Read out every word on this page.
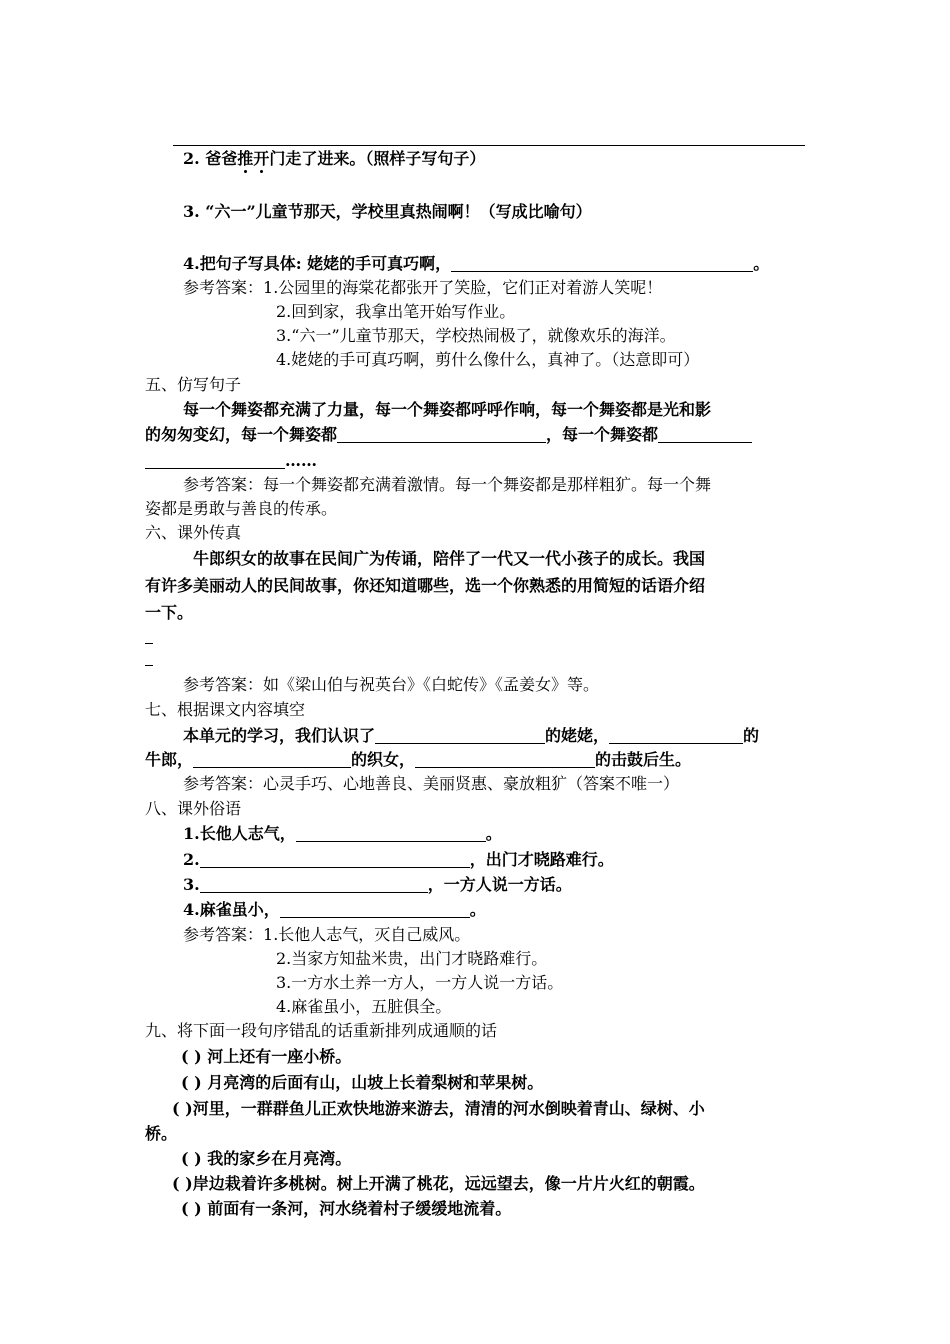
2. 爸爸推开门走了进来。（照样子写句子）
3. “六一”儿童节那天，学校里真热闹啊！（写成比喻句）
4.把句子写具体: 姥姥的手可真巧啊，	。
参考答案：1.公园里的海棠花都张开了笑脸，它们正对着游人笑呢！
2.回到家，我拿出笔开始写作业。
3.“六一”儿童节那天，学校热闹极了，就像欢乐的海洋。
4.姥姥的手可真巧啊，剪什么像什么，真神了。（达意即可）
五、仿写句子
每一个舞姿都充满了力量，每一个舞姿都呼呼作响，每一个舞姿都是光和影
的匆匆变幻，每一个舞姿都	，每一个舞姿都
……
参考答案：每一个舞姿都充满着激情。每一个舞姿都是那样粗犷。每一个舞
姿都是勇敢与善良的传承。
六、课外传真
牛郎织女的故事在民间广为传诵，陪伴了一代又一代小孩子的成长。我国
有许多美丽动人的民间故事，你还知道哪些，选一个你熟悉的用简短的话语介绍
一下。
参考答案：如《梁山伯与祝英台》《白蛇传》《孟姜女》等。
七、根据课文内容填空
本单元的学习，我们认识了	的姥姥，	的
牛郎，	的织女，	的击鼓后生。
参考答案：心灵手巧、心地善良、美丽贤惠、豪放粗犷（答案不唯一）
八、课外俗语
1.长他人志气，	。
2.	，出门才晓路难行。
3.	，一方人说一方话。
4.麻雀虽小，	。
参考答案：1.长他人志气，灭自己威风。
2.当家方知盐米贵，出门才晓路难行。
3.一方水土养一方人，一方人说一方话。
4.麻雀虽小，五脏俱全。
九、将下面一段句序错乱的话重新排列成通顺的话
( ) 河上还有一座小桥。
( ) 月亮湾的后面有山，山坡上长着梨树和苹果树。
( )河里，一群群鱼儿正欢快地游来游去，清清的河水倒映着青山、绿树、小
桥。
( ) 我的家乡在月亮湾。
( )岸边栽着许多桃树。树上开满了桃花，远远望去，像一片片火红的朝霞。
( ) 前面有一条河，河水绕着村子缓缓地流着。
